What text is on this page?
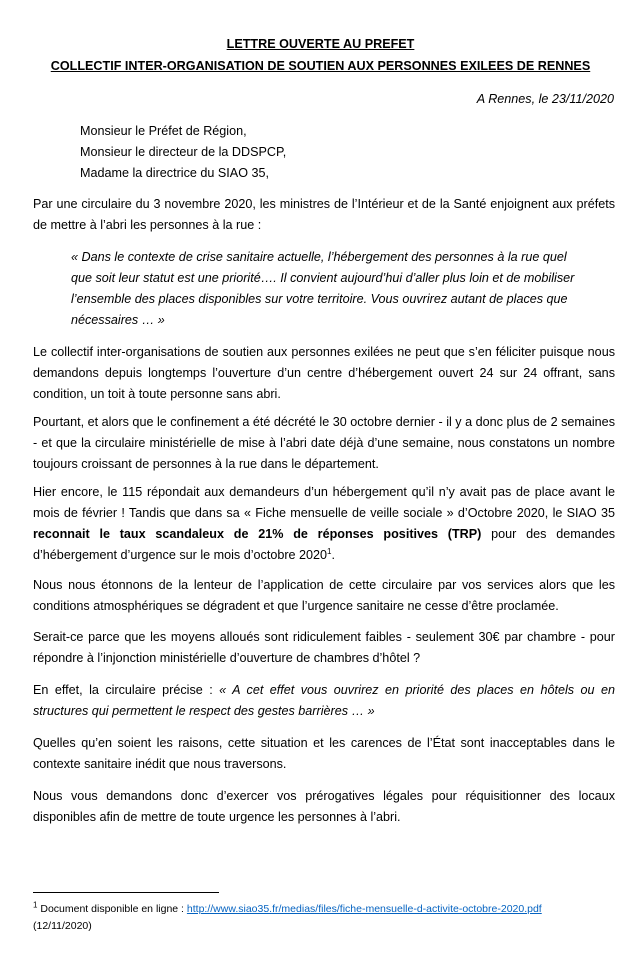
LETTRE OUVERTE AU PREFET
COLLECTIF INTER-ORGANISATION DE SOUTIEN AUX PERSONNES EXILEES DE RENNES
A Rennes, le 23/11/2020
Monsieur le Préfet de Région,
Monsieur le directeur de la DDSPCP,
Madame la directrice du SIAO 35,

Par une circulaire du 3 novembre 2020, les ministres de l’Intérieur et de la Santé enjoignent aux préfets de mettre à l’abri les personnes à la rue :

« Dans le contexte de crise sanitaire actuelle, l’hébergement des personnes à la rue quel que soit leur statut est une priorité…. Il convient aujourd’hui d’aller plus loin et de mobiliser l’ensemble des places disponibles sur votre territoire. Vous ouvrirez autant de places que nécessaires … »

Le collectif inter-organisations de soutien aux personnes exilées ne peut que s’en féliciter puisque nous demandons depuis longtemps l’ouverture d’un centre d’hébergement ouvert 24 sur 24 offrant, sans condition, un toit à toute personne sans abri.

Pourtant, et alors que le confinement a été décrété le 30 octobre dernier - il y a donc plus de 2 semaines - et que la circulaire ministérielle de mise à l’abri date déjà d’une semaine, nous constatons un nombre toujours croissant de personnes à la rue dans le département.

Hier encore, le 115 répondait aux demandeurs d’un hébergement qu’il n’y avait pas de place avant le mois de février ! Tandis que dans sa « Fiche mensuelle de veille sociale » d’Octobre 2020, le SIAO 35 reconnait le taux scandaleux de 21% de réponses positives (TRP) pour des demandes d’hébergement d’urgence sur le mois d’octobre 2020$^1$.

Nous nous étonnons de la lenteur de l’application de cette circulaire par vos services alors que les conditions atmosphériques se dégradent et que l’urgence sanitaire ne cesse d’être proclamée.

Serait-ce parce que les moyens alloués sont ridiculement faibles - seulement 30€ par chambre - pour répondre à l’injonction ministérielle d’ouverture de chambres d’hôtel ?

En effet, la circulaire précise : « A cet effet vous ouvrirez en priorité des places en hôtels ou en structures qui permettent le respect des gestes barrières … »

Quelles qu’en soient les raisons, cette situation et les carences de l’État sont inacceptables dans le contexte sanitaire inédit que nous traversons.

Nous vous demandons donc d’exercer vos prérogatives légales pour réquisitionner des locaux disponibles afin de mettre de toute urgence les personnes à l’abri.

$^1$ Document disponible en ligne : http://www.siao35.fr/medias/files/fiche-mensuelle-d-activite-octobre-2020.pdf (12/11/2020)
